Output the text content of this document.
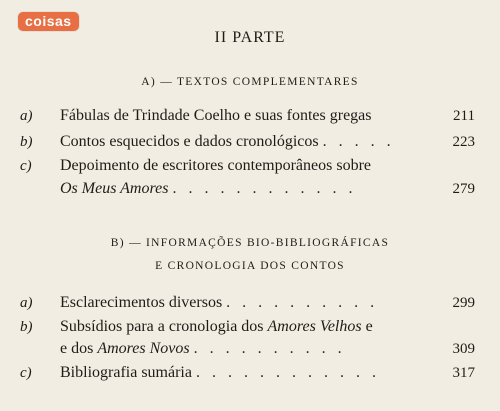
coisas
II PARTE
A) — TEXTOS COMPLEMENTARES
a)	Fábulas de Trindade Coelho e suas fontes gregas	211
b)	Contos esquecidos e dados cronológicos . . . . .	223
c)	Depoimento de escritores contemporâneos sobre
Os Meus Amores . . . . . . . . . . . .	279
B) — INFORMAÇÕES BIO-BIBLIOGRÁFICAS
E CRONOLOGIA DOS CONTOS
a)	Esclarecimentos diversos . . . . . . . . . .	299
b)	Subsídios para a cronologia dos Amores Velhos e
e dos Amores Novos . . . . . . . . . .	309
c)	Bibliografia sumária . . . . . . . . . . . .	317
